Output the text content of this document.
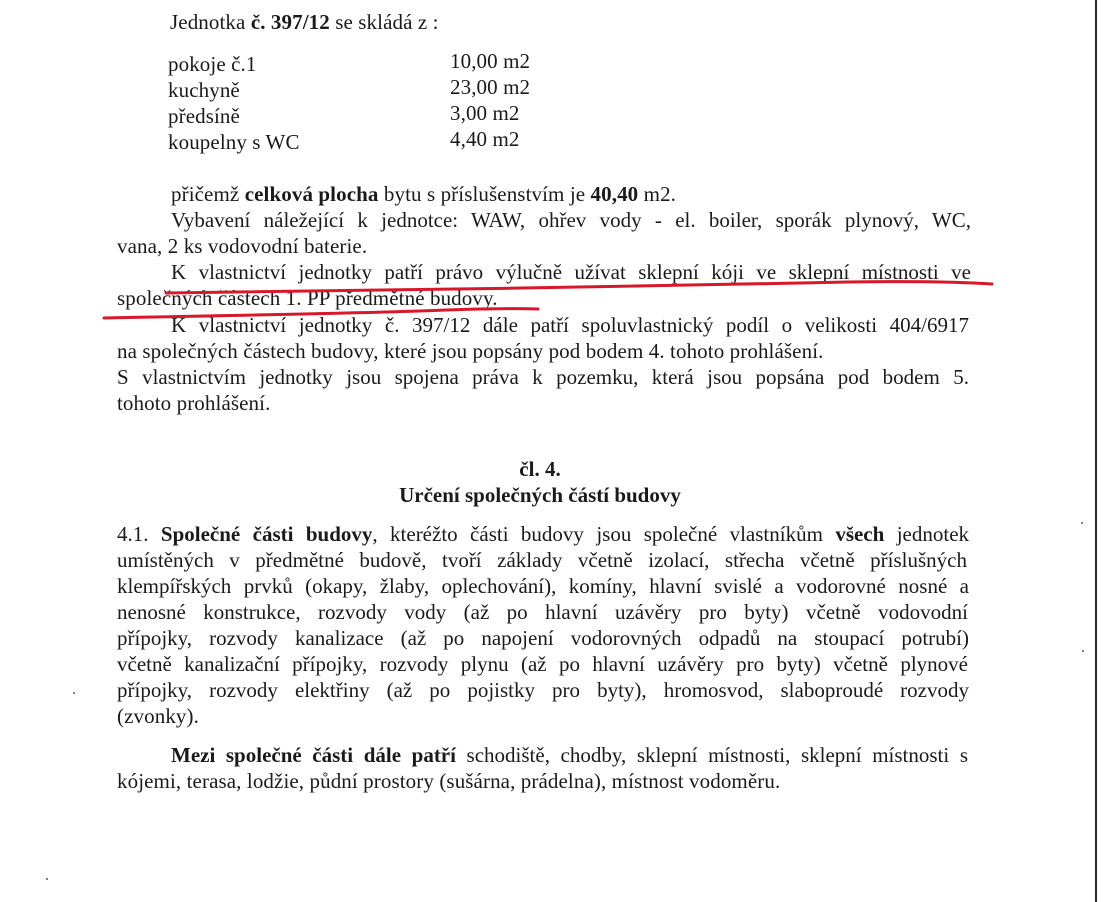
Jednotka č. 397/12 se skládá z :
pokoje č.1	10,00 m2
kuchyně	23,00 m2
předsíně	3,00 m2
koupelny s WC	4,40 m2
přičemž celková plocha bytu s příslušenstvím je 40,40 m2.
Vybavení náležející k jednotce: WAW, ohřev vody - el. boiler, sporák plynový, WC,
vana, 2 ks vodovodní baterie.
K vlastnictví jednotky patří právo výlučně užívat sklepní kóji ve sklepní místnosti ve
společných částech 1. PP předmětné budovy.
K vlastnictví jednotky č. 397/12 dále patří spoluvlastnický podíl o velikosti 404/6917
na společných částech budovy, které jsou popsány pod bodem 4. tohoto prohlášení.
S vlastnictvím jednotky jsou spojena práva k pozemku, která jsou popsána pod bodem 5.
tohoto prohlášení.
čl. 4.
Určení společných částí budovy
4.1. Společné části budovy, kteréžto části budovy jsou společné vlastníkům všech jednotek
umístěných v předmětné budově, tvoří základy včetně izolací, střecha včetně příslušných
klempířských prvků (okapy, žlaby, oplechování), komíny, hlavní svislé a vodorovné nosné a
nenosné konstrukce, rozvody vody (až po hlavní uzávěry pro byty) včetně vodovodní
přípojky, rozvody kanalizace (až po napojení vodorovných odpadů na stoupací potrubí)
včetně kanalizační přípojky, rozvody plynu (až po hlavní uzávěry pro byty) včetně plynové
přípojky, rozvody elektřiny (až po pojistky pro byty), hromosvod, slaboproudé rozvody
(zvonky).
Mezi společné části dále patří schodiště, chodby, sklepní místnosti, sklepní místnosti s
kójemi, terasa, lodžie, půdní prostory (sušárna, prádelna), místnost vodoměru.
